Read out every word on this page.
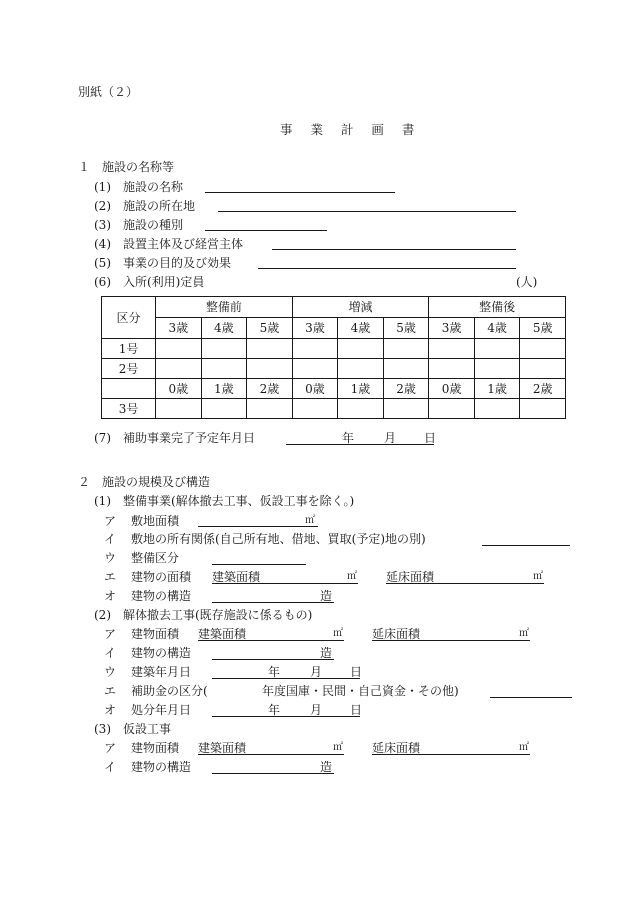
別紙（２）
事 業 計 画 書
１　施設の名称等
(1) 施設の名称
(2) 施設の所在地
(3) 施設の種別
(4) 設置主体及び経営主体
(5) 事業の目的及び効果
(6) 入所(利用)定員	(人)
区分	整備前			増減			整備後		
	3歳	4歳	5歳	3歳	4歳	5歳	3歳	4歳	5歳
1号									
2号									
	0歳	1歳	2歳	0歳	1歳	2歳	0歳	1歳	2歳
3号									
(7) 補助事業完了予定年月日	年 月 日
２　施設の規模及び構造
(1) 整備事業(解体撤去工事、仮設工事を除く。)
ア 敷地面積	㎡
イ 敷地の所有関係(自己所有地、借地、買取(予定)地の別)
ウ 整備区分
エ 建物の面積 建築面積	㎡ 延床面積	㎡
オ 建物の構造	造
(2) 解体撤去工事(既存施設に係るもの)
ア 建物面積 建築面積	㎡ 延床面積	㎡
イ 建物の構造	造
ウ 建築年月日	年 月 日
エ 補助金の区分(	年度国庫・民間・自己資金・その他)
オ 処分年月日	年 月 日
(3) 仮設工事
ア 建物面積 建築面積	㎡ 延床面積	㎡
イ 建物の構造	造
